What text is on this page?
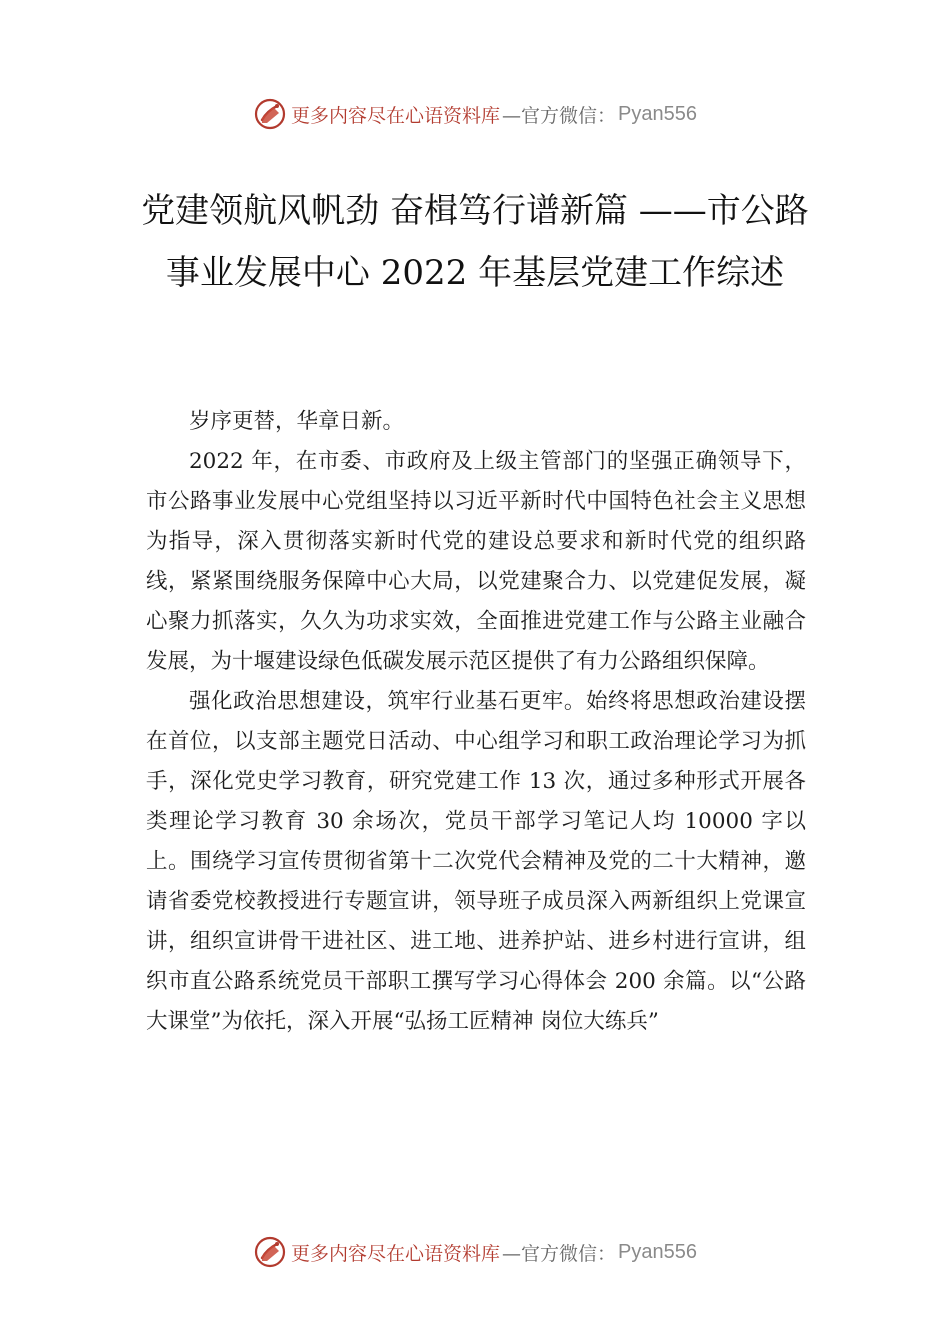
更多内容尽在心语资料库 —官方微信： Pyan556
党建领航风帆劲 奋楫笃行谱新篇 ——市公路事业发展中心 2022 年基层党建工作综述

岁序更替，华章日新。

2022 年，在市委、市政府及上级主管部门的坚强正确领导下，市公路事业发展中心党组坚持以习近平新时代中国特色社会主义思想为指导，深入贯彻落实新时代党的建设总要求和新时代党的组织路线，紧紧围绕服务保障中心大局，以党建聚合力、以党建促发展，凝心聚力抓落实，久久为功求实效，全面推进党建工作与公路主业融合发展，为十堰建设绿色低碳发展示范区提供了有力公路组织保障。

强化政治思想建设，筑牢行业基石更牢。始终将思想政治建设摆在首位，以支部主题党日活动、中心组学习和职工政治理论学习为抓手，深化党史学习教育，研究党建工作 13 次，通过多种形式开展各类理论学习教育 30 余场次，党员干部学习笔记人均 10000 字以上。围绕学习宣传贯彻省第十二次党代会精神及党的二十大精神，邀请省委党校教授进行专题宣讲，领导班子成员深入两新组织上党课宣讲，组织宣讲骨干进社区、进工地、进养护站、进乡村进行宣讲，组织市直公路系统党员干部职工撰写学习心得体会 200 余篇。以“公路大课堂”为依托，深入开展“弘扬工匠精神 岗位大练兵”

更多内容尽在心语资料库 —官方微信： Pyan556
